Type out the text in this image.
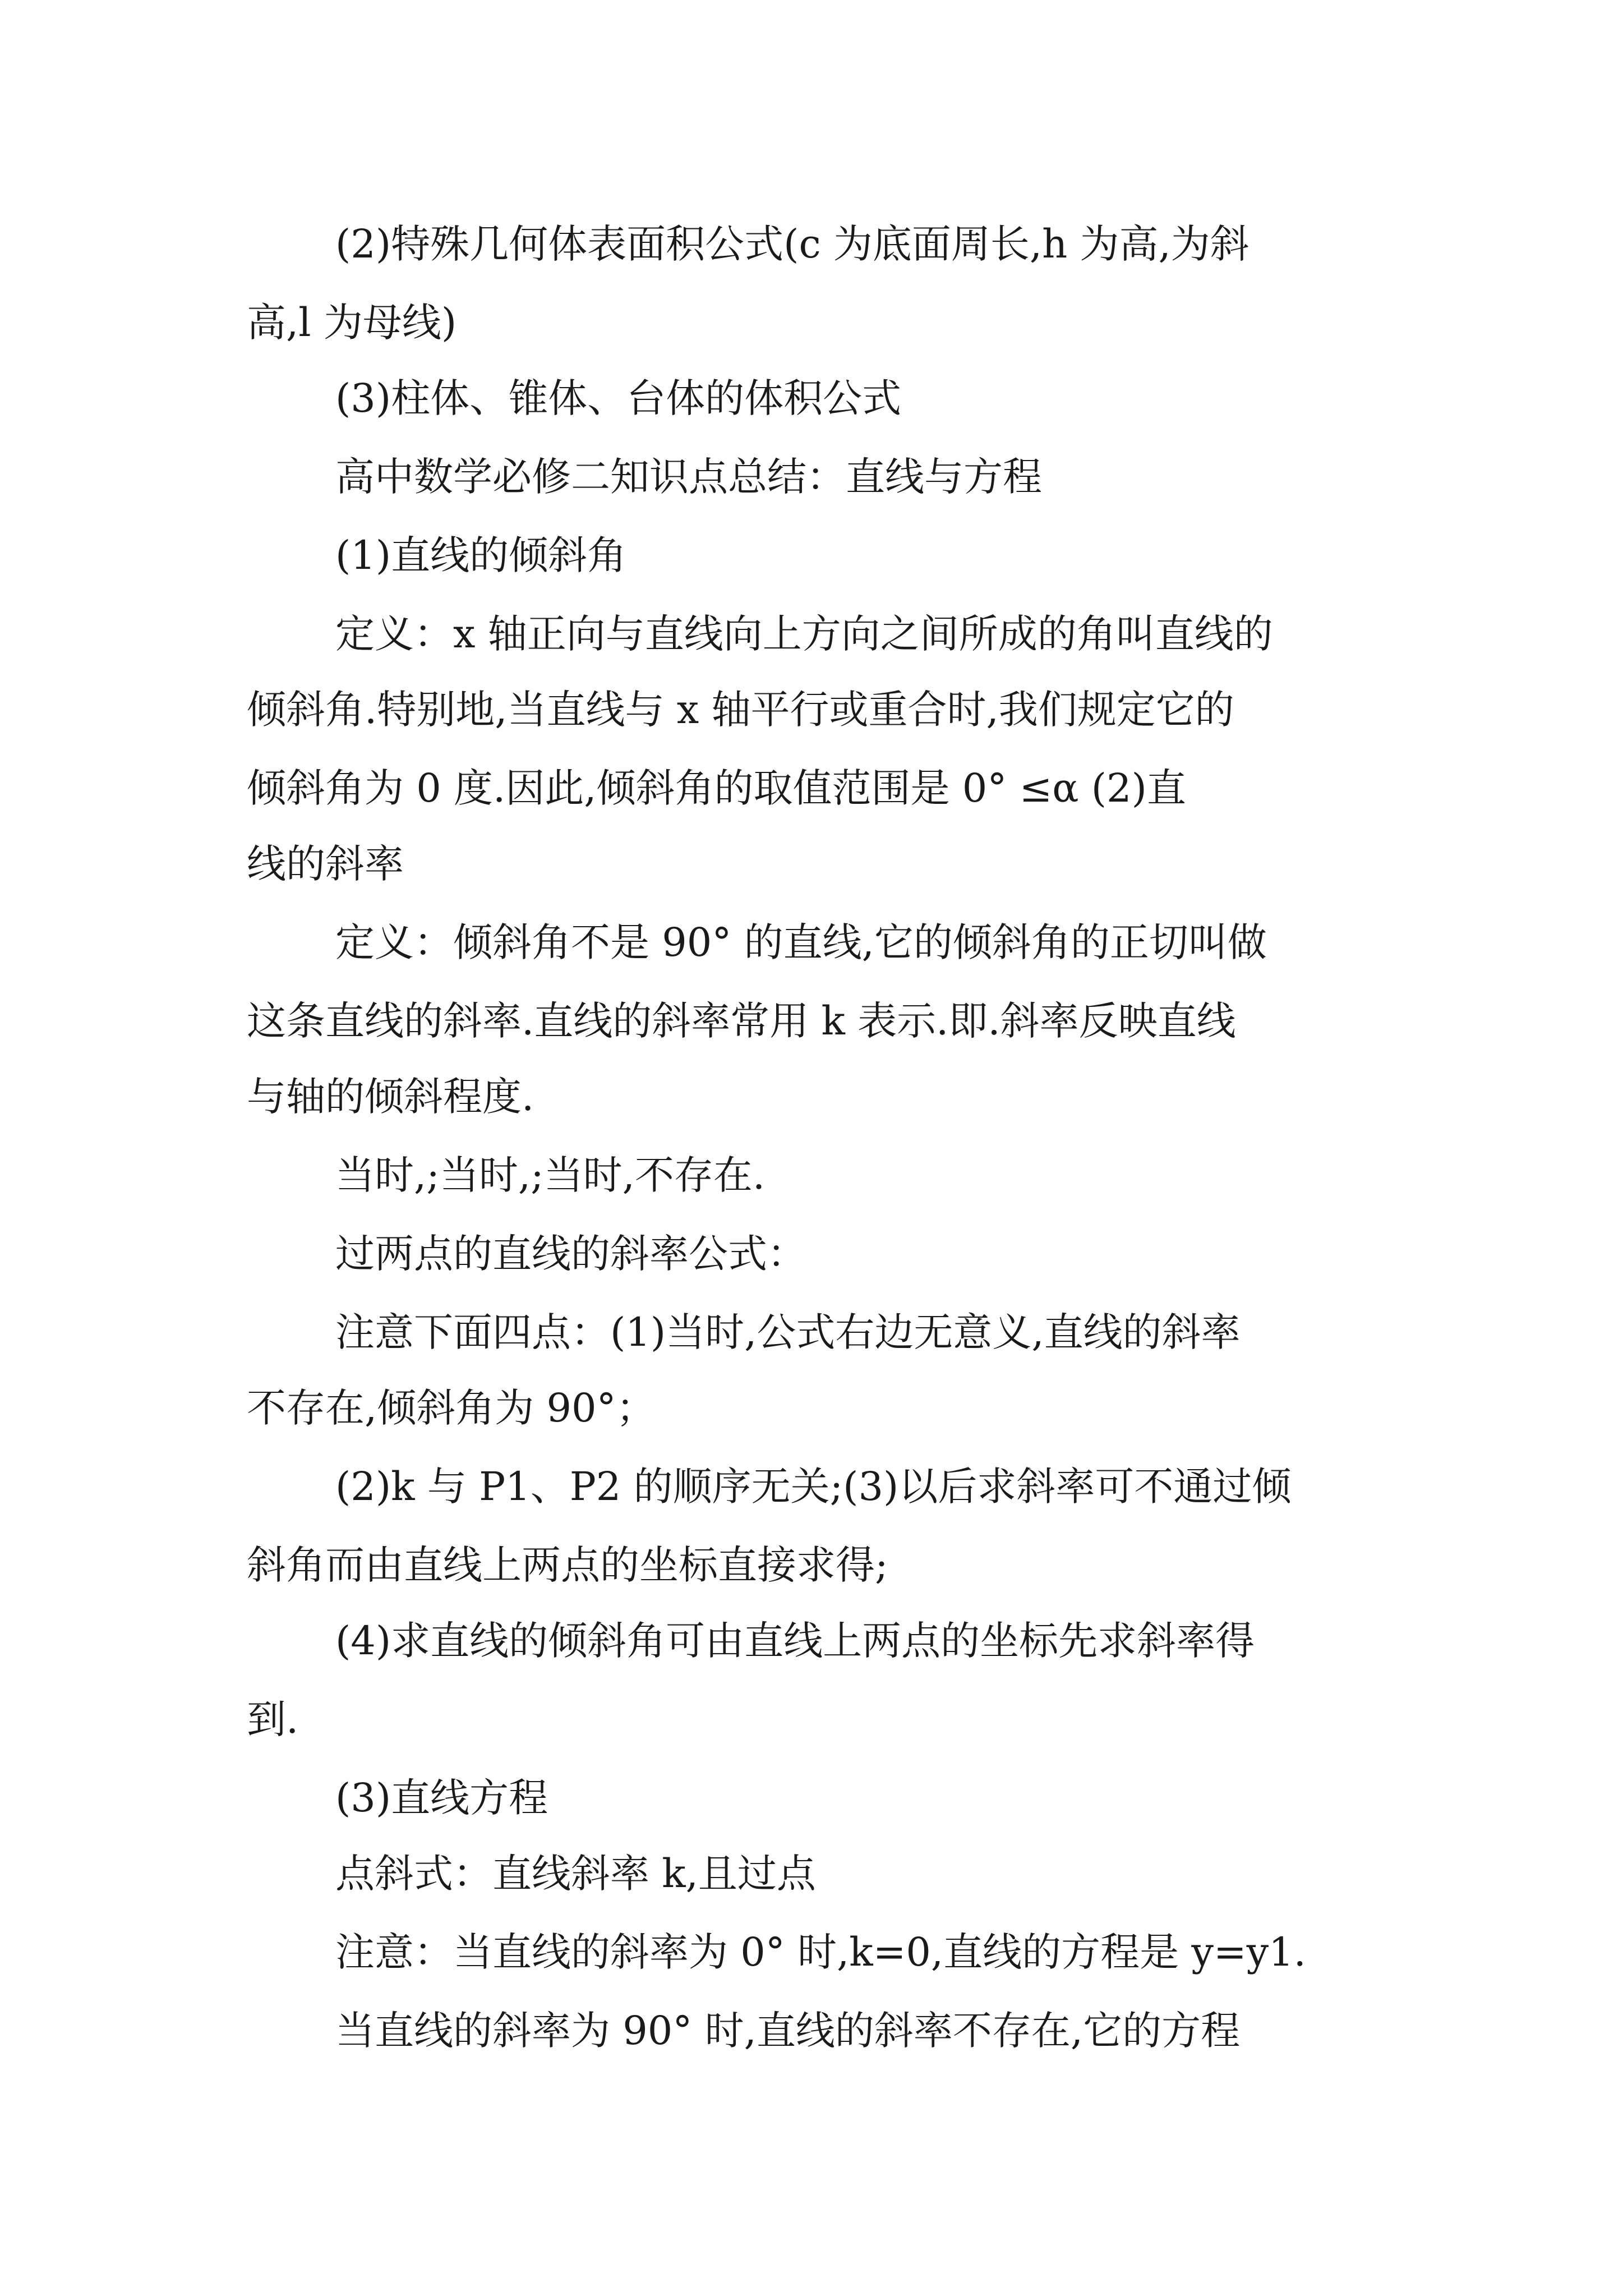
(2)特殊几何体表面积公式(c 为底面周长,h 为高,为斜
高,l 为母线)
(3)柱体、锥体、台体的体积公式
高中数学必修二知识点总结：直线与方程
(1)直线的倾斜角
定义：x 轴正向与直线向上方向之间所成的角叫直线的
倾斜角.特别地,当直线与 x 轴平行或重合时,我们规定它的
倾斜角为 0 度.因此,倾斜角的取值范围是 0° ≤α (2)直
线的斜率
定义：倾斜角不是 90° 的直线,它的倾斜角的正切叫做
这条直线的斜率.直线的斜率常用 k 表示.即.斜率反映直线
与轴的倾斜程度.
当时,;当时,;当时,不存在.
过两点的直线的斜率公式：
注意下面四点：(1)当时,公式右边无意义,直线的斜率
不存在,倾斜角为 90°；
(2)k 与 P1、P2 的顺序无关;(3)以后求斜率可不通过倾
斜角而由直线上两点的坐标直接求得;
(4)求直线的倾斜角可由直线上两点的坐标先求斜率得
到.
(3)直线方程
点斜式：直线斜率 k,且过点
注意：当直线的斜率为 0° 时,k=0,直线的方程是 y=y1.
当直线的斜率为 90° 时,直线的斜率不存在,它的方程
